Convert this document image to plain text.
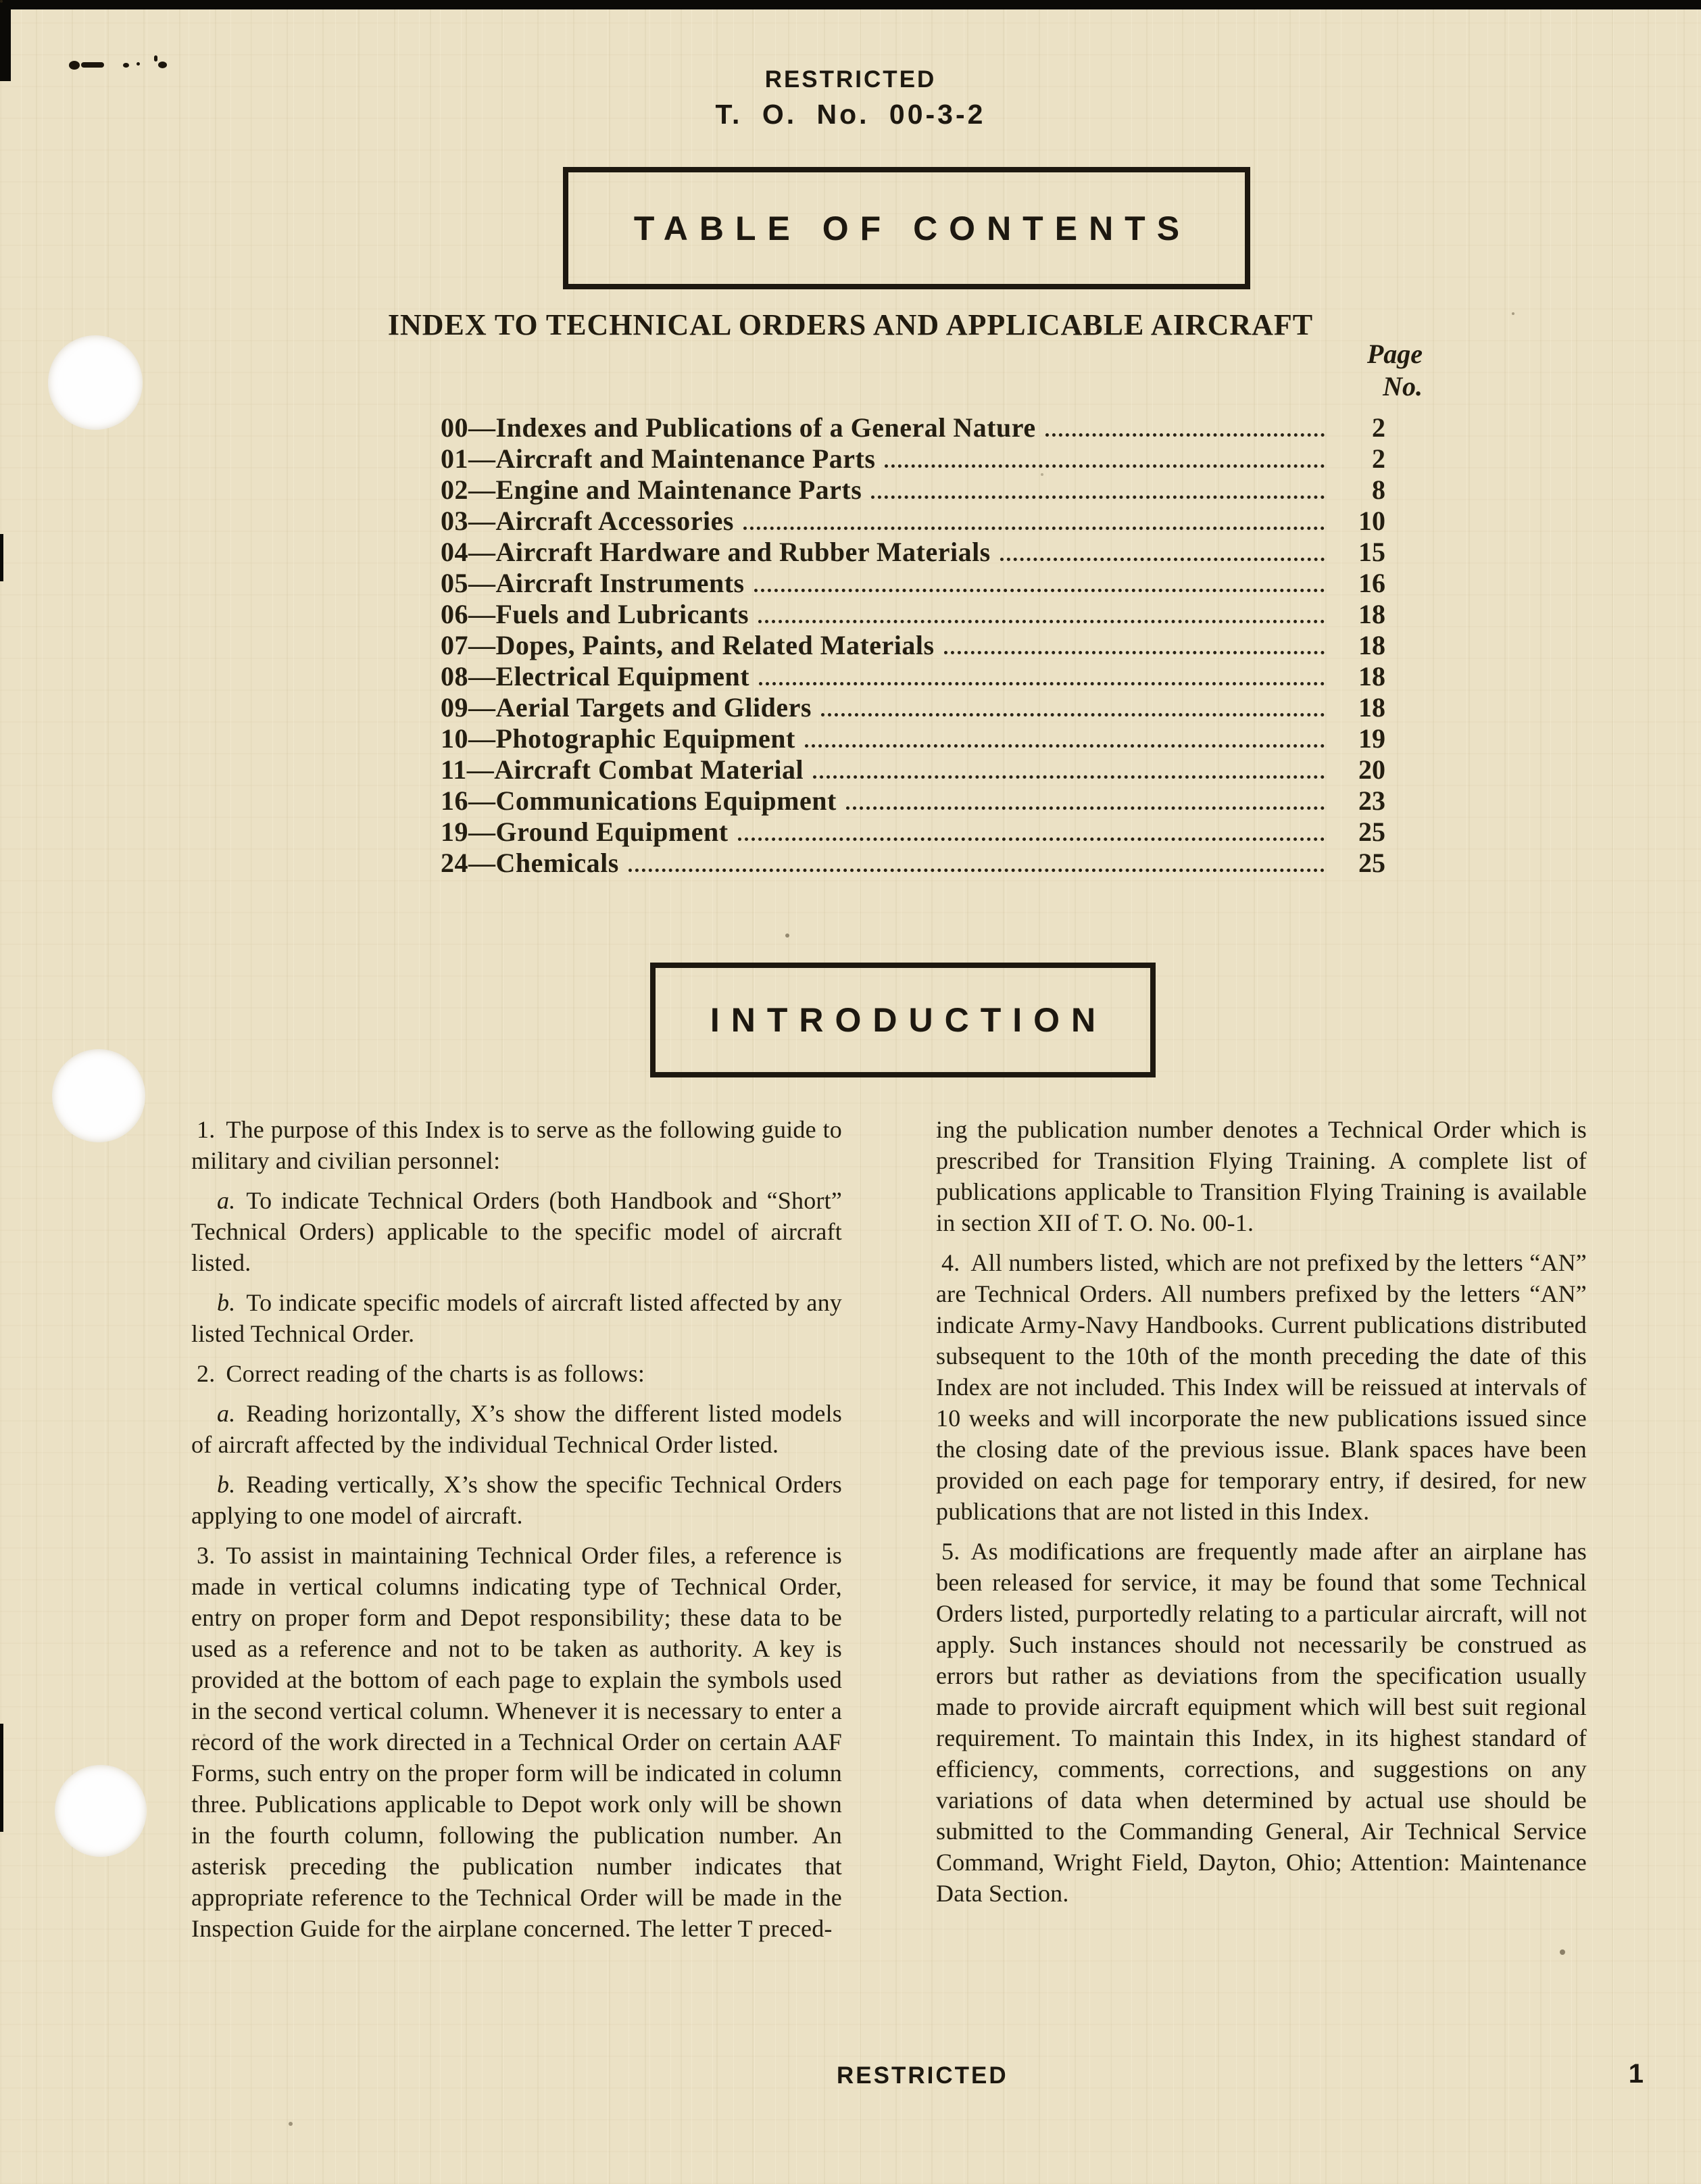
RESTRICTED
T. O. No. 00-3-2
TABLE OF CONTENTS
INDEX TO TECHNICAL ORDERS AND APPLICABLE AIRCRAFT
Page
No.
00—Indexes and Publications of a General Nature	2
01—Aircraft and Maintenance Parts	2
02—Engine and Maintenance Parts	8
03—Aircraft Accessories	10
04—Aircraft Hardware and Rubber Materials	15
05—Aircraft Instruments	16
06—Fuels and Lubricants	18
07—Dopes, Paints, and Related Materials	18
08—Electrical Equipment	18
09—Aerial Targets and Gliders	18
10—Photographic Equipment	19
11—Aircraft Combat Material	20
16—Communications Equipment	23
19—Ground Equipment	25
24—Chemicals	25
INTRODUCTION

1. The purpose of this Index is to serve as the following guide to military and civilian personnel:

a. To indicate Technical Orders (both Handbook and “Short” Technical Orders) applicable to the specific model of aircraft listed.

b. To indicate specific models of aircraft listed affected by any listed Technical Order.

2. Correct reading of the charts is as follows:

a. Reading horizontally, X’s show the different listed models of aircraft affected by the individual Technical Order listed.

b. Reading vertically, X’s show the specific Technical Orders applying to one model of aircraft.

3. To assist in maintaining Technical Order files, a reference is made in vertical columns indicating type of Technical Order, entry on proper form and Depot responsibility; these data to be used as a reference and not to be taken as authority. A key is provided at the bottom of each page to explain the symbols used in the second vertical column. Whenever it is necessary to enter a record of the work directed in a Technical Order on certain AAF Forms, such entry on the proper form will be indicated in column three. Publications applicable to Depot work only will be shown in the fourth column, following the publication number. An asterisk preceding the publication number indicates that appropriate reference to the Technical Order will be made in the Inspection Guide for the airplane concerned. The letter T preced-

ing the publication number denotes a Technical Order which is prescribed for Transition Flying Training. A complete list of publications applicable to Transition Flying Training is available in section XII of T. O. No. 00-1.

4. All numbers listed, which are not prefixed by the letters “AN” are Technical Orders. All numbers prefixed by the letters “AN” indicate Army-Navy Handbooks. Current publications distributed subsequent to the 10th of the month preceding the date of this Index are not included. This Index will be reissued at intervals of 10 weeks and will incorporate the new publications issued since the closing date of the previous issue. Blank spaces have been provided on each page for temporary entry, if desired, for new publications that are not listed in this Index.

5. As modifications are frequently made after an airplane has been released for service, it may be found that some Technical Orders listed, purportedly relating to a particular aircraft, will not apply. Such instances should not necessarily be construed as errors but rather as deviations from the specification usually made to provide aircraft equipment which will best suit regional requirement. To maintain this Index, in its highest standard of efficiency, comments, corrections, and suggestions on any variations of data when determined by actual use should be submitted to the Commanding General, Air Technical Service Command, Wright Field, Dayton, Ohio; Attention: Maintenance Data Section.

RESTRICTED	1
